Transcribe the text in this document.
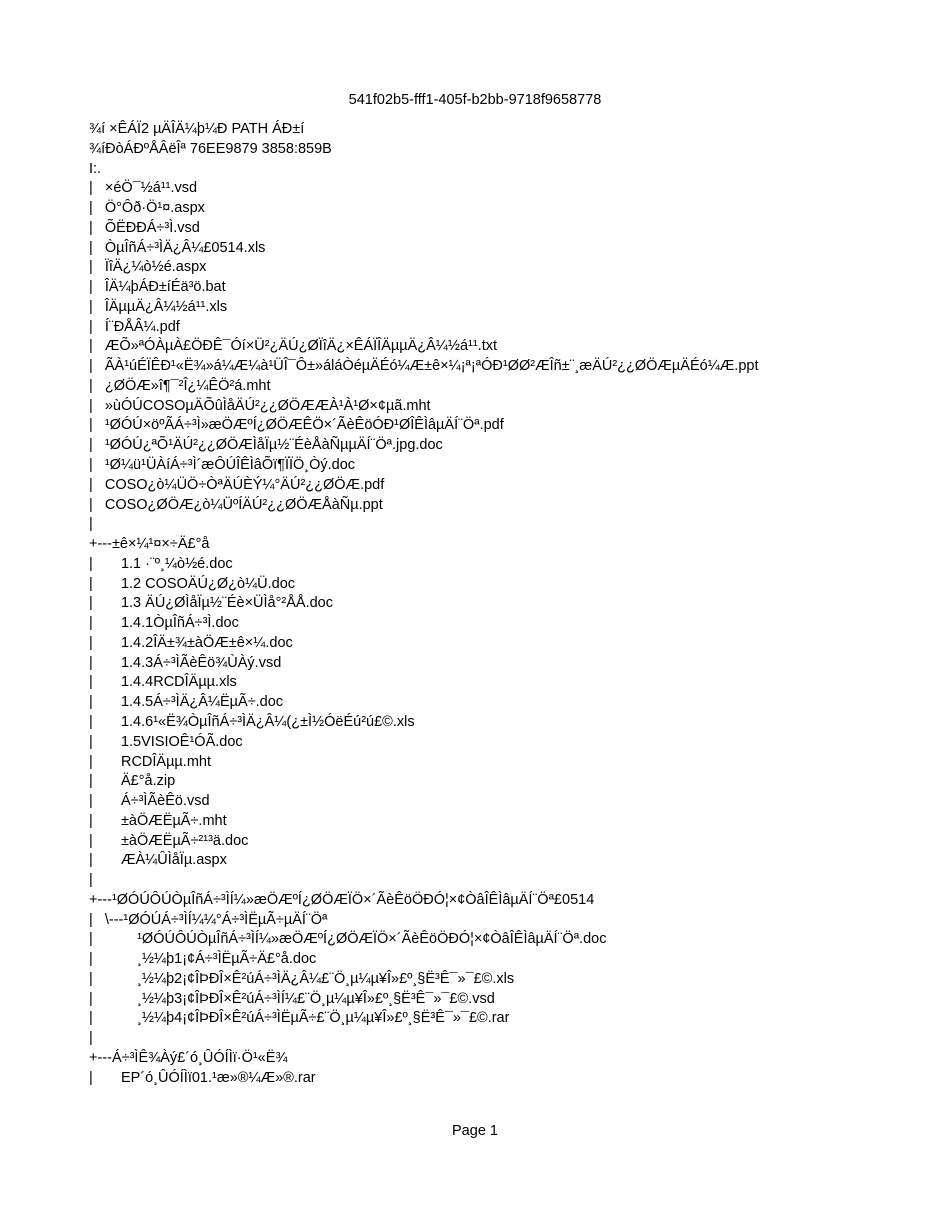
541f02b5-fff1-405f-b2bb-9718f9658778
¾í ×ÊÁÏ2 µÄÎÄ¼þ¼Ð PATH ÁÐ±í
¾íÐòÁÐºÅÂëÎª 76EE9879 3858:859B
I:.
|   ×éÖ¯½á¹¹.vsd
|   Ö°Ôð·Ö¹¤.aspx
|   ÕËÐÐÁ÷³Ì.vsd
|   ÒµÎñÁ÷³ÌÄ¿Â¼£0514.xls
|   ÏîÄ¿¼ò½é.aspx
|   ÎÄ¼þÁÐ±íÉä³ö.bat
|   ÎÄµµÄ¿Â¼½á¹¹.xls
|   Í¨ÐÅÂ¼.pdf
|   ÆÕ»ªÓÀµÀ£ÖÐÊ¯Óí×Ü²¿ÄÚ¿ØÏîÄ¿×ÊÁÏÎÄµµÄ¿Â¼½á¹¹.txt
|   ÃÀ¹úÉÏÊÐ¹«Ë¾»á¼Æ¼à¹ÜÎ¯Ô±»áláÒéµÄÉó¼Æ±ê×¼¡ª¡ªÓÐ¹ØØ²ÆÎñ±¨¸æÄÚ²¿¿ØÖÆµÄÉó¼Æ.ppt
|   ¿ØÖÆ»î¶¯²Î¿¼ÊÖ²á.mht
|   »ùÓÚCOSOµÄÕûÌåÄÚ²¿¿ØÖÆÆÀ¹À¹Ø×¢µã.mht
|   ¹ØÓÚ×öºÃÁ÷³Ì»æÖÆºÍ¿ØÖÆÊÖ×´ÃèÊöÓÐ¹ØÎÊÌâµÄÍ¨Öª.pdf
|   ¹ØÓÚ¿ªÕ¹ÄÚ²¿¿ØÖÆÌåÏµ½¨ÉèÅàÑµµÄÍ¨Öª.jpg.doc
|   ¹Ø¼ü¹ÜÀíÁ÷³Ì´æÔÚÎÊÌâÕï¶ÏÏÖ¸Òý.doc
|   COSO¿ò¼ÜÖ÷ÒªÄÚÈÝ¼°ÄÚ²¿¿ØÖÆ.pdf
|   COSO¿ØÖÆ¿ò¼ÜºÍÄÚ²¿¿ØÖÆÅàÑµ.ppt
|
+---±ê×¼¹¤×÷Ä£°å
|       1.1 ·¨º¸¼ò½é.doc
|       1.2 COSOÄÚ¿Ø¿ò¼Ü.doc
|       1.3 ÄÚ¿ØÌåÏµ½¨Éè×ÜÌå°²ÅÅ.doc
|       1.4.1ÒµÎñÁ÷³Ì.doc
|       1.4.2ÎÄ±¾±àÖÆ±ê×¼.doc
|       1.4.3Á÷³ÌÃèÊö¾ÙÀý.vsd
|       1.4.4RCDÎÄµµ.xls
|       1.4.5Á÷³ÌÄ¿Â¼ËµÃ÷.doc
|       1.4.6¹«Ë¾ÒµÎñÁ÷³ÌÄ¿Â¼(¿±Ì½ÓëÉú²ú£©.xls
|       1.5VISIOÊ¹ÓÃ.doc
|       RCDÎÄµµ.mht
|       Ä£°å.zip
|       Á÷³ÌÃèÊö.vsd
|       ±àÖÆËµÃ÷.mht
|       ±àÖÆËµÃ÷²¹³ä.doc
|       ÆÀ¼ÛÌåÏµ.aspx
|
+---¹ØÓÚÔÚÒµÎñÁ÷³ÌÍ¼»æÖÆºÍ¿ØÖÆÏÖ×´ÃèÊöÖÐÓ¦×¢ÒâÎÊÌâµÄÍ¨Öª£0514
|   \---¹ØÓÚÁ÷³ÌÍ¼¼°Á÷³ÌËµÃ÷µÄÍ¨Öª
|           ¹ØÓÚÔÚÒµÎñÁ÷³ÌÍ¼»æÖÆºÍ¿ØÖÆÏÖ×´ÃèÊöÖÐÓ¦×¢ÒâÎÊÌâµÄÍ¨Öª.doc
|           ¸½¼þ1¡¢Á÷³ÌËµÃ÷Ä£°å.doc
|           ¸½¼þ2¡¢ÎÞÐÎ×Ê²úÁ÷³ÌÄ¿Â¼£¨Ö¸µ¼µ¥Î»£º¸§Ë³Ê¯»¯£©.xls
|           ¸½¼þ3¡¢ÎÞÐÎ×Ê²úÁ÷³ÌÍ¼£¨Ö¸µ¼µ¥Î»£º¸§Ë³Ê¯»¯£©.vsd
|           ¸½¼þ4¡¢ÎÞÐÎ×Ê²úÁ÷³ÌËµÃ÷£¨Ö¸µ¼µ¥Î»£º¸§Ë³Ê¯»¯£©.rar
|
+---Á÷³ÌÊ¾Àý£´ó¸ÛÓÍÌï·Ö¹«Ë¾
|       EP´ó¸ÛÓÍÌï01.¹æ»®¼Æ»®.rar
Page 1
